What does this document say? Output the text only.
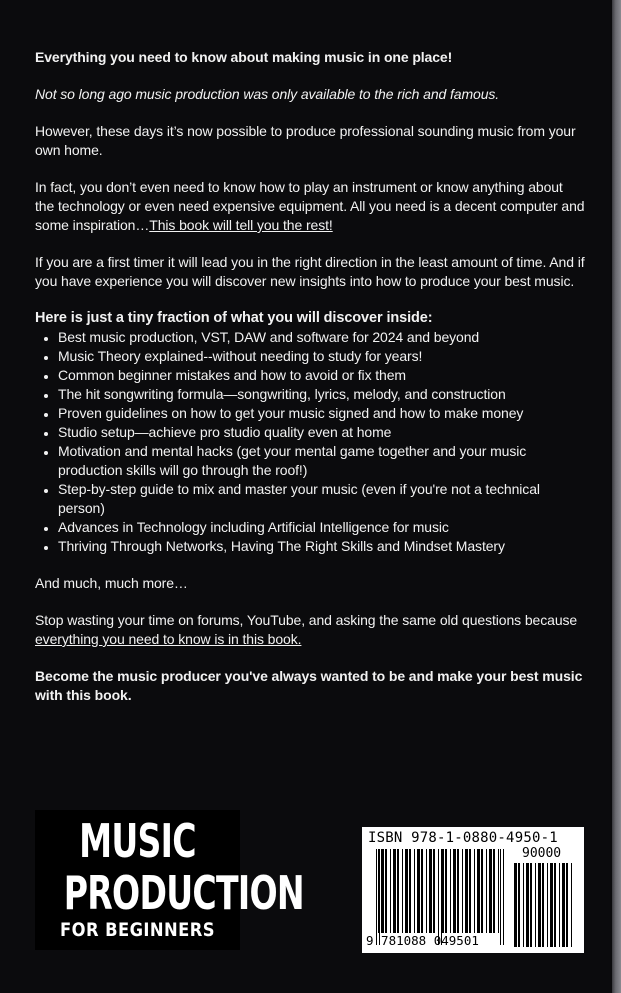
Everything you need to know about making music in one place!

Not so long ago music production was only available to the rich and famous.

However, these days it’s now possible to produce professional sounding music from your own home.

In fact, you don’t even need to know how to play an instrument or know anything about the technology or even need expensive equipment. All you need is a decent computer and some inspiration…This book will tell you the rest!

If you are a first timer it will lead you in the right direction in the least amount of time. And if you have experience you will discover new insights into how to produce your best music.

Here is just a tiny fraction of what you will discover inside:

• Best music production, VST, DAW and software for 2024 and beyond
• Music Theory explained--without needing to study for years!
• Common beginner mistakes and how to avoid or fix them
• The hit songwriting formula—songwriting, lyrics, melody, and construction
• Proven guidelines on how to get your music signed and how to make money
• Studio setup—achieve pro studio quality even at home
• Motivation and mental hacks (get your mental game together and your music production skills will go through the roof!)
• Step-by-step guide to mix and master your music (even if you're not a technical person)
• Advances in Technology including Artificial Intelligence for music
• Thriving Through Networks, Having The Right Skills and Mindset Mastery

And much, much more…

Stop wasting your time on forums, YouTube, and asking the same old questions because everything you need to know is in this book.

Become the music producer you've always wanted to be and make your best music with this book.

MUSIC
PRODUCTION
FOR BEGINNERS
ISBN 978-1-0880-4950-1
90000
9 781088 049501
